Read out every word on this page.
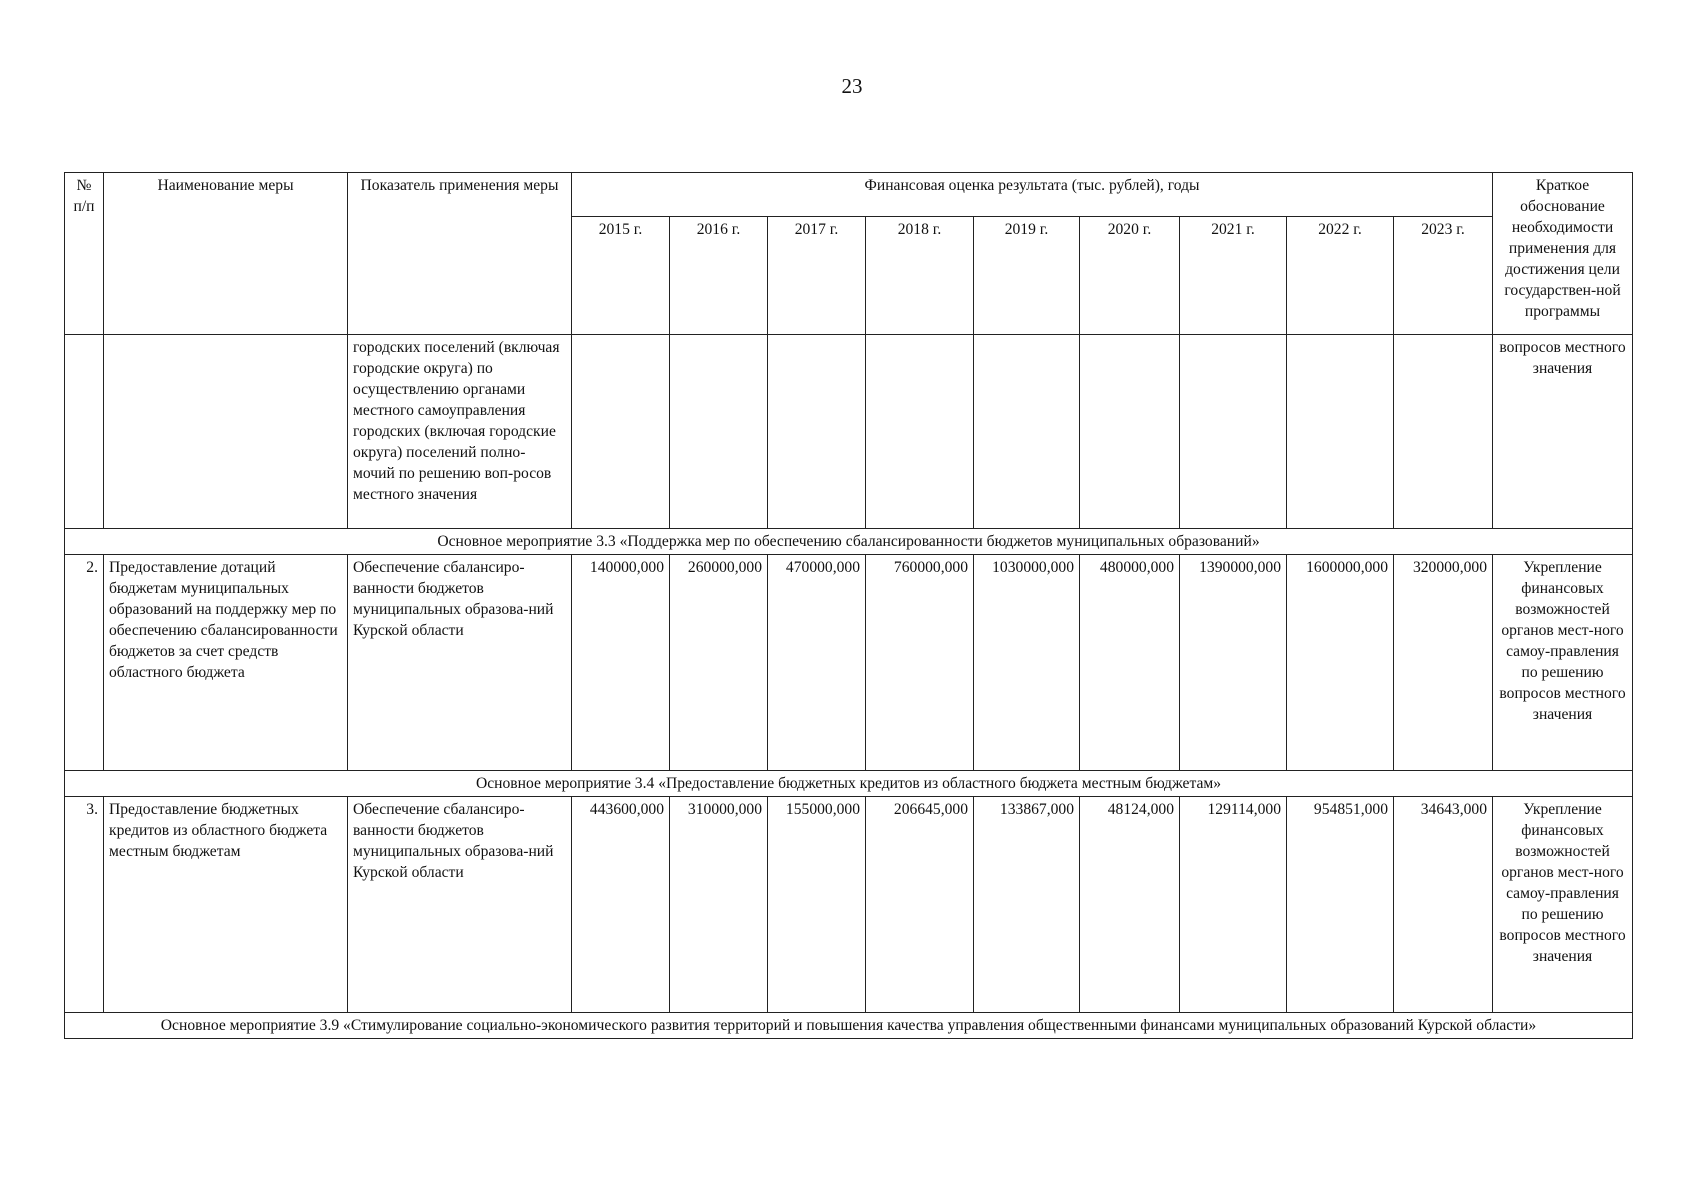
23
№ п/п	Наименование меры	Показатель применения меры	Финансовая оценка результата (тыс. рублей), годы									Краткое обоснование необходимости применения для достижения цели государствен-ной программы
			2015 г.	2016 г.	2017 г.	2018 г.	2019 г.	2020 г.	2021 г.	2022 г.	2023 г.	
		городских поселений (включая городские округа) по осуществлению органами местного самоуправления городских (включая городские округа) поселений полно-мочий по решению воп-росов местного значения										вопросов местного значения
Основное мероприятие 3.3 «Поддержка мер по обеспечению сбалансированности бюджетов муниципальных образований»												
2.	Предоставление дотаций бюджетам муниципальных образований на поддержку мер по обеспечению сбалансированности бюджетов за счет средств областного бюджета	Обеспечение сбалансиро-ванности бюджетов муниципальных образова-ний Курской области	140000,000	260000,000	470000,000	760000,000	1030000,000	480000,000	1390000,000	1600000,000	320000,000	Укрепление финансовых возможностей органов мест-ного самоу-правления по решению вопросов местного значения
Основное мероприятие 3.4 «Предоставление бюджетных кредитов из областного бюджета местным бюджетам»												
3.	Предоставление бюджетных кредитов из областного бюджета местным бюджетам	Обеспечение сбалансиро-ванности бюджетов муниципальных образова-ний Курской области	443600,000	310000,000	155000,000	206645,000	133867,000	48124,000	129114,000	954851,000	34643,000	Укрепление финансовых возможностей органов мест-ного самоу-правления по решению вопросов местного значения
Основное мероприятие 3.9 «Стимулирование социально-экономического развития территорий и повышения качества управления общественными финансами муниципальных образований Курской области»												
